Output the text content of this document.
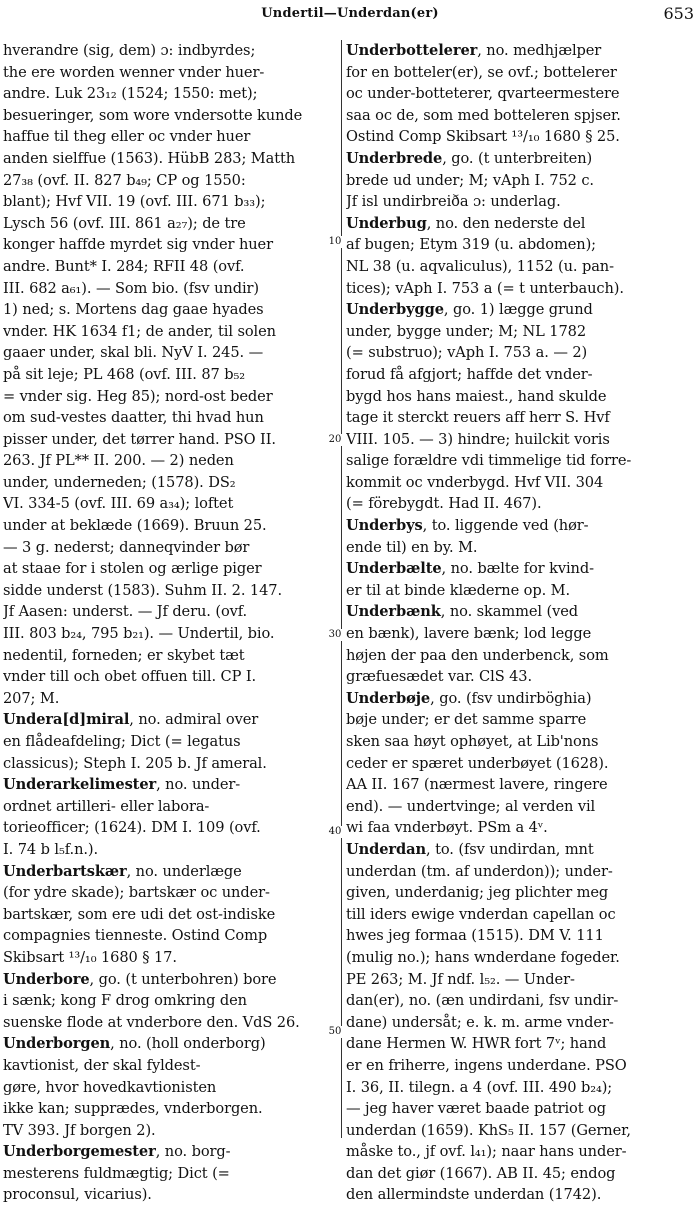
Undertil—Underdan(er)	653
hverandre (sig, dem) ɔ: indbyrdes;
the ere worden wenner vnder huer-
andre. Luk 23₁₂ (1524; 1550: met);
besueringer, som wore vndersotte kunde
haffue til theg eller oc vnder huer
anden sielffue (1563). HübB 283; Matth
27₃₈ (ovf. II. 827 b₄₉; CP og 1550:
blant); Hvf VII. 19 (ovf. III. 671 b₃₃);
Lysch 56 (ovf. III. 861 a₂₇); de tre
konger haffde myrdet sig vnder huer
andre. Bunt* I. 284; RFII 48 (ovf.
III. 682 a₆₁). — Som bio. (fsv undir)
1) ned; s. Mortens dag gaae hyades
vnder. HK 1634 f1; de ander, til solen
gaaer under, skal bli. NyV I. 245. —
på sit leje; PL 468 (ovf. III. 87 b₅₂
= vnder sig. Heg 85); nord-ost beder
om sud-vestes daatter, thi hvad hun
pisser under, det tørrer hand. PSO II.
263. Jf PL** II. 200. — 2) neden
under, underneden; (1578). DS₂
VI. 334-5 (ovf. III. 69 a₃₄); loftet
under at beklæde (1669). Bruun 25.
— 3 g. nederst; danneqvinder bør
at staae for i stolen og ærlige piger
sidde underst (1583). Suhm II. 2. 147.
Jf Aasen: underst. — Jf deru. (ovf.
III. 803 b₂₄, 795 b₂₁). — Undertil, bio.
nedentil, forneden; er skybet tæt
vnder till och obet offuen till. CP I.
207; M.
Undera[d]miral, no. admiral over
en flådeafdeling; Dict (= legatus
classicus); Steph I. 205 b. Jf ameral.
Underarkelimester, no. under-
ordnet artilleri- eller labora-
torieofficer; (1624). DM I. 109 (ovf.
I. 74 b l₅f.n.).
Underbartskær, no. underlæge
(for ydre skade); bartskær oc under-
bartskær, som ere udi det ost-indiske
compagnies tienneste. Ostind Comp
Skibsart ¹³/₁₀ 1680 § 17.
Underbore, go. (t unterbohren) bore
i sænk; kong F drog omkring den
suenske flode at vnderbore den. VdS 26.
Underborgen, no. (holl onderborg)
kavtionist, der skal fyldest-
gøre, hvor hovedkavtionisten
ikke kan; supprædes, vnderborgen.
TV 393. Jf borgen 2).
Underborgemester, no. borg-
mesterens fuldmægtig; Dict (=
proconsul, vicarius).
Underbottelerer, no. medhjælper
for en botteler(er), se ovf.; bottelerer
oc under-botteterer, qvarteermestere
saa oc de, som med botteleren spjser.
Ostind Comp Skibsart ¹³/₁₀ 1680 § 25.
Underbrede, go. (t unterbreiten)
brede ud under; M; vAph I. 752 c.
Jf isl undirbreiða ɔ: underlag.
Underbug, no. den nederste del
af bugen; Etym 319 (u. abdomen);
NL 38 (u. aqvaliculus), 1152 (u. pan-
tices); vAph I. 753 a (= t unterbauch).
Underbygge, go. 1) lægge grund
under, bygge under; M; NL 1782
(= substruo); vAph I. 753 a. — 2)
forud få afgjort; haffde det vnder-
bygd hos hans maiest., hand skulde
tage it sterckt reuers aff herr S. Hvf
VIII. 105. — 3) hindre; huilckit voris
salige forældre vdi timmelige tid forre-
kommit oc vnderbygd. Hvf VII. 304
(= förebygdt. Had II. 467).
Underbys, to. liggende ved (hør-
ende til) en by. M.
Underbælte, no. bælte for kvind-
er til at binde klæderne op. M.
Underbænk, no. skammel (ved
en bænk), lavere bænk; lod legge
højen der paa den underbenck, som
græfuesædet var. ClS 43.
Underbøje, go. (fsv undirböghia)
bøje under; er det samme sparre
sken saa høyt ophøyet, at Lib'nons
ceder er spæret underbøyet (1628).
AA II. 167 (nærmest lavere, ringere
end). — undertvinge; al verden vil
wi faa vnderbøyt. PSm a 4ᵛ.
Underdan, to. (fsv undirdan, mnt
underdan (tm. af underdon)); under-
given, underdanig; jeg plichter meg
till iders ewige vnderdan capellan oc
hwes jeg formaa (1515). DM V. 111
(mulig no.); hans wnderdane fogeder.
PE 263; M. Jf ndf. l₅₂. — Under-
dan(er), no. (æn undirdani, fsv undir-
dane) undersåt; e. k. m. arme vnder-
dane Hermen W. HWR fort 7ᵛ; hand
er en friherre, ingens underdane. PSO
I. 36, II. tilegn. a 4 (ovf. III. 490 b₂₄);
— jeg haver været baade patriot og
underdan (1659). KhS₅ II. 157 (Gerner,
måske to., jf ovf. l₄₁); naar hans under-
dan det giør (1667). AB II. 45; endog
den allermindste underdan (1742).
10
20
30
40
50
